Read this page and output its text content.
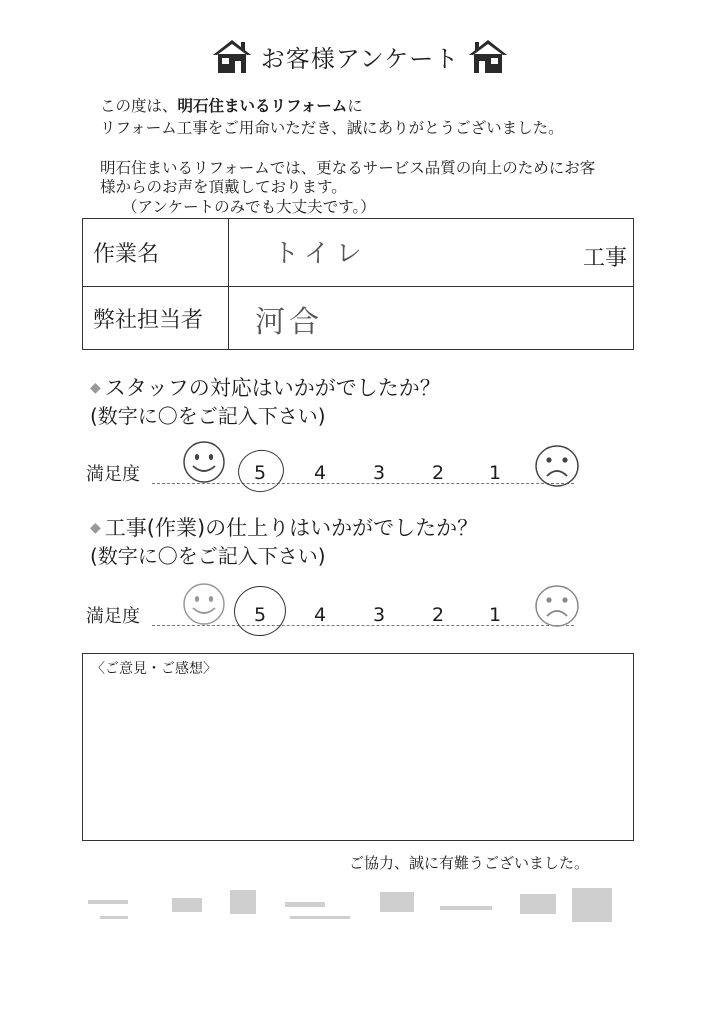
お客様アンケート
この度は、明石住まいるリフォームに
リフォーム工事をご用命いただき、誠にありがとうございました。
明石住まいるリフォームでは、更なるサービス品質の向上のためにお客
様からのお声を頂戴しております。
（アンケートのみでも大丈夫です。）
作業名	トイレ	工事
弊社担当者	河合
◆ スタッフの対応はいかがでしたか？
(数字に〇をご記入下さい)
満足度	5	4 3 2 1
◆ 工事(作業)の仕上りはいかがでしたか？
(数字に〇をご記入下さい)
満足度	5	4 3 2 1
〈ご意見・ご感想〉
ご協力、誠に有難うございました。
